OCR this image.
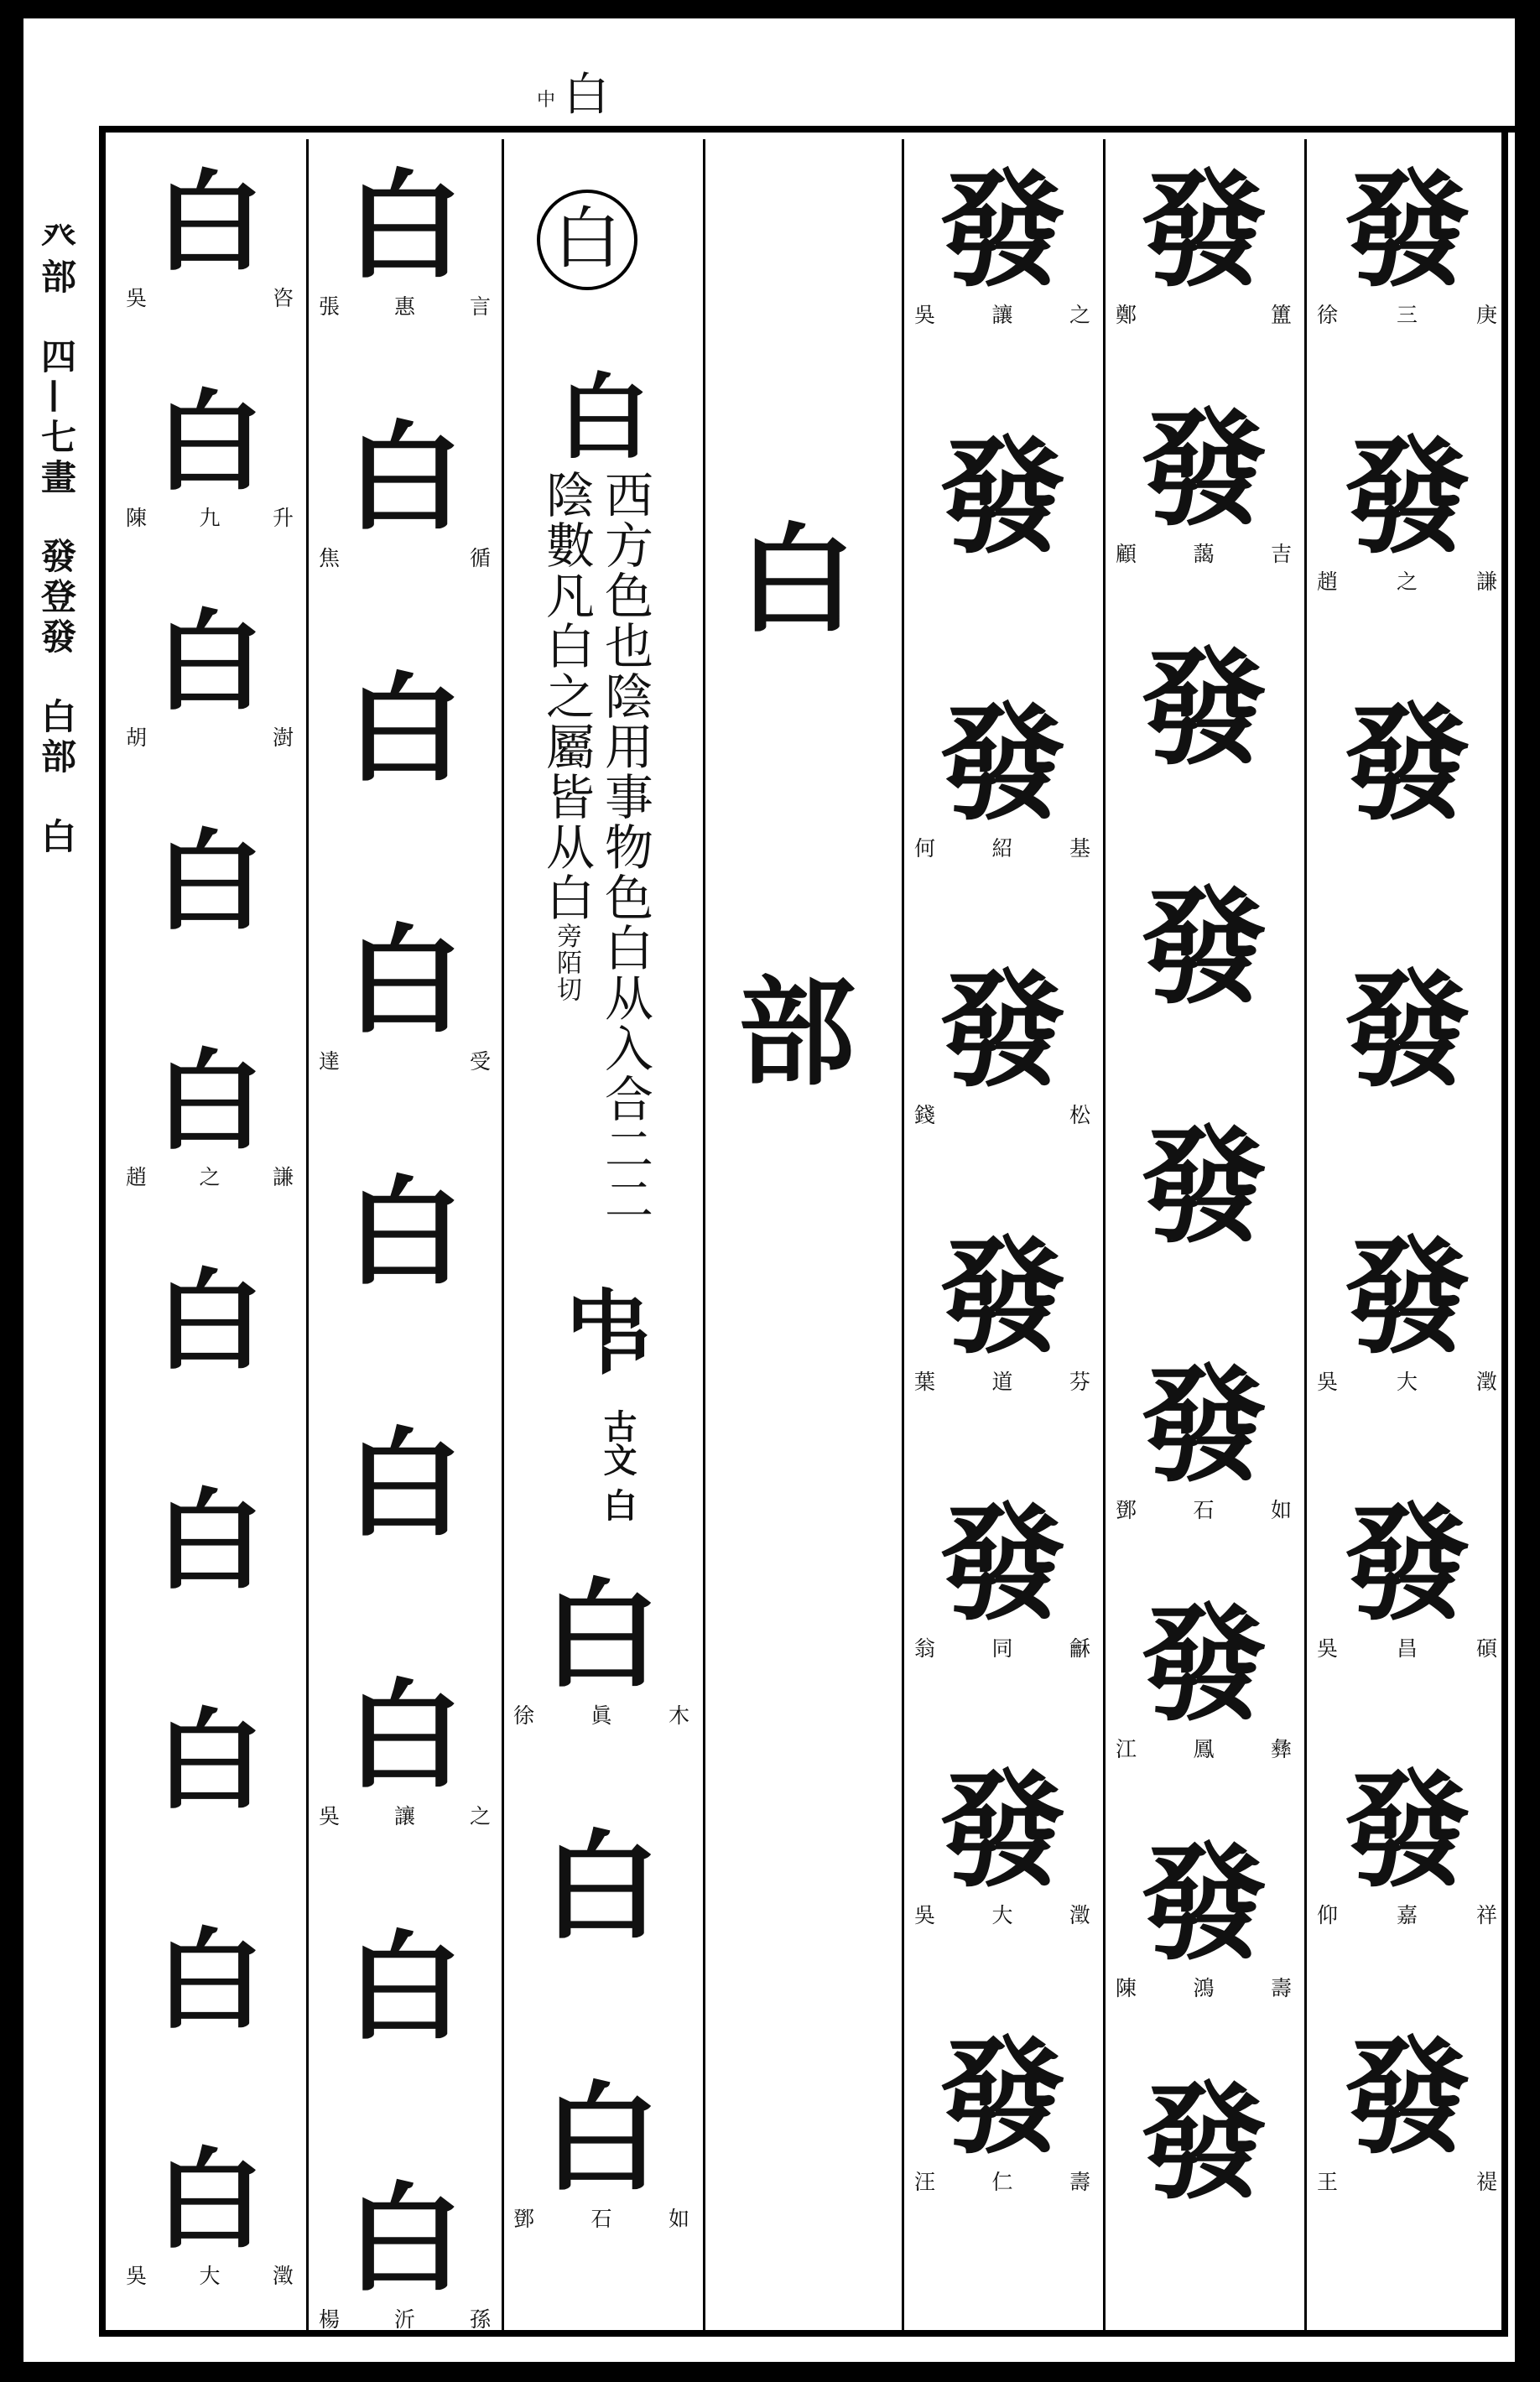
中 白
癶部 四—七畫 發登發 白部 白
白
吳	咨
白
陳 九 升
白
胡	澍
白
白
趙 之 謙
白
白
白
白
白
吳 大 澂
白
張	惠	言
白
焦	循
白
白
達	受
白
白
白
吳	讓	之
白
白
楊	沂	孫
發
吳	讓	之
發
發
何	紹	基
發
錢	松
發
葉	道	芬
發
翁	同	龢
發
吳	大	澂
發
汪	仁	壽
發
鄭	簠
發
顧	藹	吉
發
發
發
發
鄧	石	如
發
江	鳳	彝
發
陳	鴻	壽
發
發
徐	三	庚
發
趙	之	謙
發
發
發
吳	大	澂
發
吳	昌	碩
發
仰	嘉	祥
發
王	禔
白
白
西方色也陰用事物色白从入合二二陰數凡白之屬皆从白旁陌切
𠁧
古文 白
白
徐	眞	木
白
白
鄧	石	如
白
部
